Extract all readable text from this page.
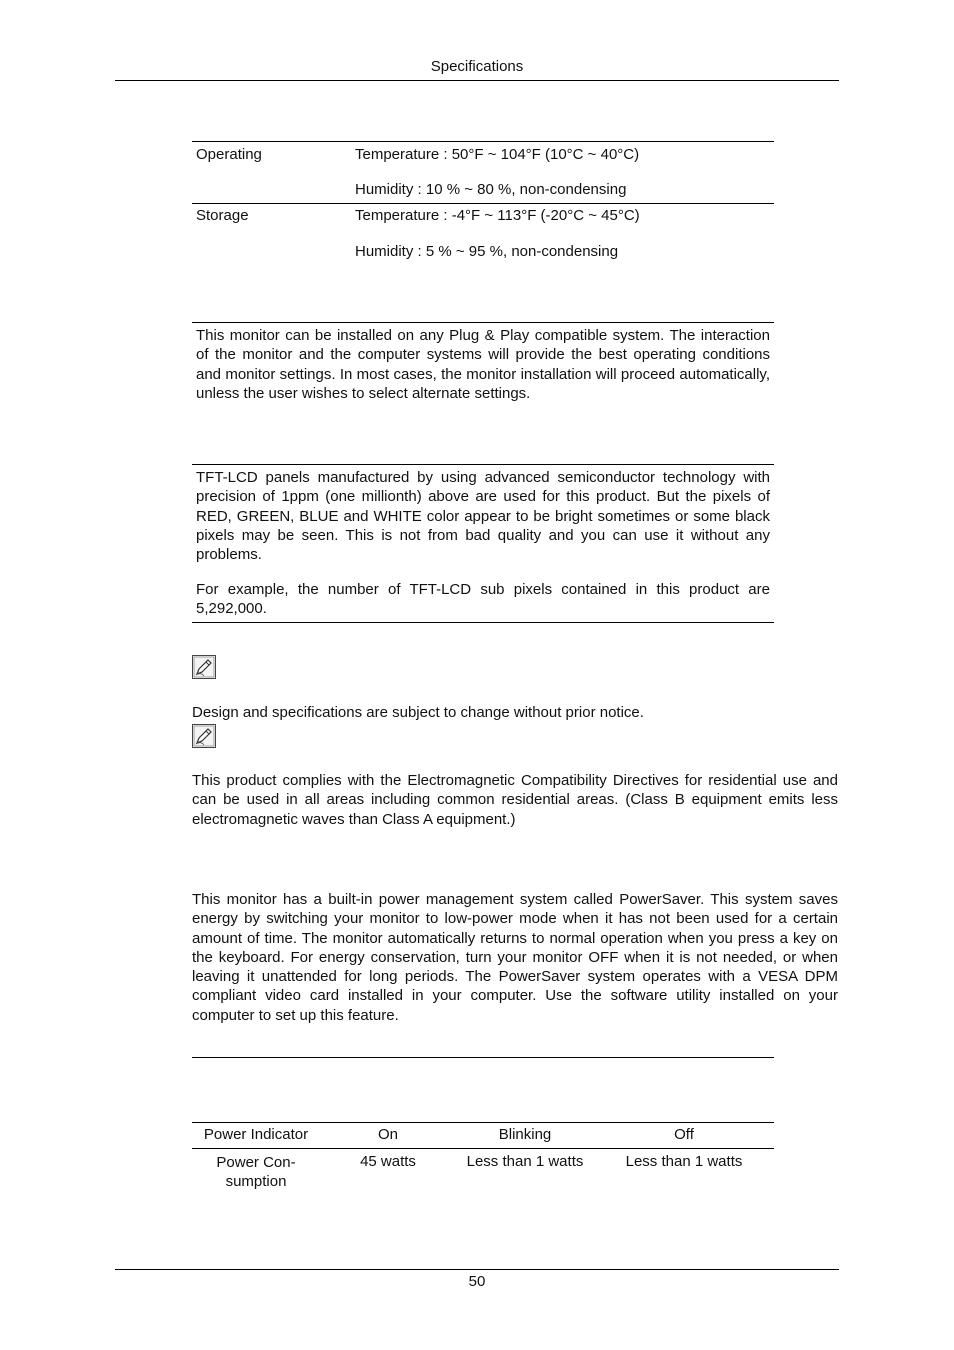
Specifications
Operating	Temperature : 50°F ~ 104°F (10°C ~ 40°C)
Humidity : 10 % ~ 80 %, non-condensing
Storage	Temperature : -4°F ~ 113°F (-20°C ~ 45°C)
Humidity : 5 % ~ 95 %, non-condensing
This monitor can be installed on any Plug & Play compatible system. The interaction of the monitor and the computer systems will provide the best operating conditions and monitor settings. In most cases, the monitor installation will proceed automatically, unless the user wishes to select alternate settings.
TFT-LCD panels manufactured by using advanced semiconductor technology with precision of 1ppm (one millionth) above are used for this product. But the pixels of RED, GREEN, BLUE and WHITE color appear to be bright sometimes or some black pixels may be seen. This is not from bad quality and you can use it without any problems.
For example, the number of TFT-LCD sub pixels contained in this product are 5,292,000.
Design and specifications are subject to change without prior notice.
This product complies with the Electromagnetic Compatibility Directives for residential use and can be used in all areas including common residential areas. (Class B equipment emits less electromagnetic waves than Class A equipment.)
This monitor has a built-in power management system called PowerSaver. This system saves energy by switching your monitor to low-power mode when it has not been used for a certain amount of time. The monitor automatically returns to normal operation when you press a key on the keyboard. For energy conservation, turn your monitor OFF when it is not needed, or when leaving it unattended for long periods. The PowerSaver system operates with a VESA DPM compliant video card installed in your computer. Use the software utility installed on your computer to set up this feature.
Power Indicator	On	Blinking	Off
Power Con-
sumption
45 watts	Less than 1 watts	Less than 1 watts
50
